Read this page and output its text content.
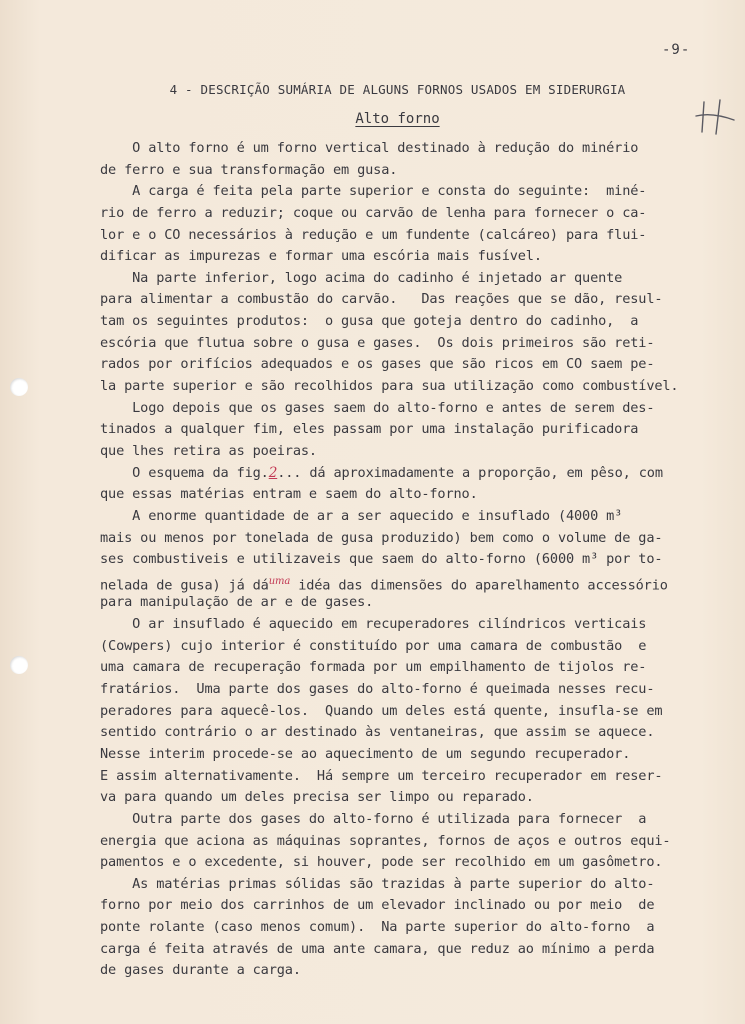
-9-
4 - DESCRIÇÃO SUMÁRIA DE ALGUNS FORNOS USADOS EM SIDERURGIA
Alto forno
O alto forno é um forno vertical destinado à redução do minério
de ferro e sua transformação em gusa.
A carga é feita pela parte superior e consta do seguinte:  miné-
rio de ferro a reduzir; coque ou carvão de lenha para fornecer o ca-
lor e o CO necessários à redução e um fundente (calcáreo) para flui-
dificar as impurezas e formar uma escória mais fusível.
Na parte inferior, logo acima do cadinho é injetado ar quente
para alimentar a combustão do carvão.   Das reações que se dão, resul-
tam os seguintes produtos:  o gusa que goteja dentro do cadinho,  a
escória que flutua sobre o gusa e gases.  Os dois primeiros são reti-
rados por orifícios adequados e os gases que são ricos em CO saem pe-
la parte superior e são recolhidos para sua utilização como combustível.
Logo depois que os gases saem do alto-forno e antes de serem des-
tinados a qualquer fim, eles passam por uma instalação purificadora
que lhes retira as poeiras.
O esquema da fig.2... dá aproximadamente a proporção, em pêso, com
que essas matérias entram e saem do alto-forno.
A enorme quantidade de ar a ser aquecido e insuflado (4000 m³
mais ou menos por tonelada de gusa produzido) bem como o volume de ga-
ses combustiveis e utilizaveis que saem do alto-forno (6000 m³ por to-
nelada de gusa) já $dá^{uma}$ idéa das dimensões do aparelhamento accessório
para manipulação de ar e de gases.
O ar insuflado é aquecido em recuperadores cilíndricos verticais
(Cowpers) cujo interior é constituído por uma camara de combustão  e
uma camara de recuperação formada por um empilhamento de tijolos re-
fratários.  Uma parte dos gases do alto-forno é queimada nesses recu-
peradores para aquecê-los.  Quando um deles está quente, insufla-se em
sentido contrário o ar destinado às ventaneiras, que assim se aquece.
Nesse interim procede-se ao aquecimento de um segundo recuperador.
E assim alternativamente.  Há sempre um terceiro recuperador em reser-
va para quando um deles precisa ser limpo ou reparado.
Outra parte dos gases do alto-forno é utilizada para fornecer  a
energia que aciona as máquinas soprantes, fornos de aços e outros equi-
pamentos e o excedente, si houver, pode ser recolhido em um gasômetro.
As matérias primas sólidas são trazidas à parte superior do alto-
forno por meio dos carrinhos de um elevador inclinado ou por meio  de
ponte rolante (caso menos comum).  Na parte superior do alto-forno  a
carga é feita através de uma ante camara, que reduz ao mínimo a perda
de gases durante a carga.
